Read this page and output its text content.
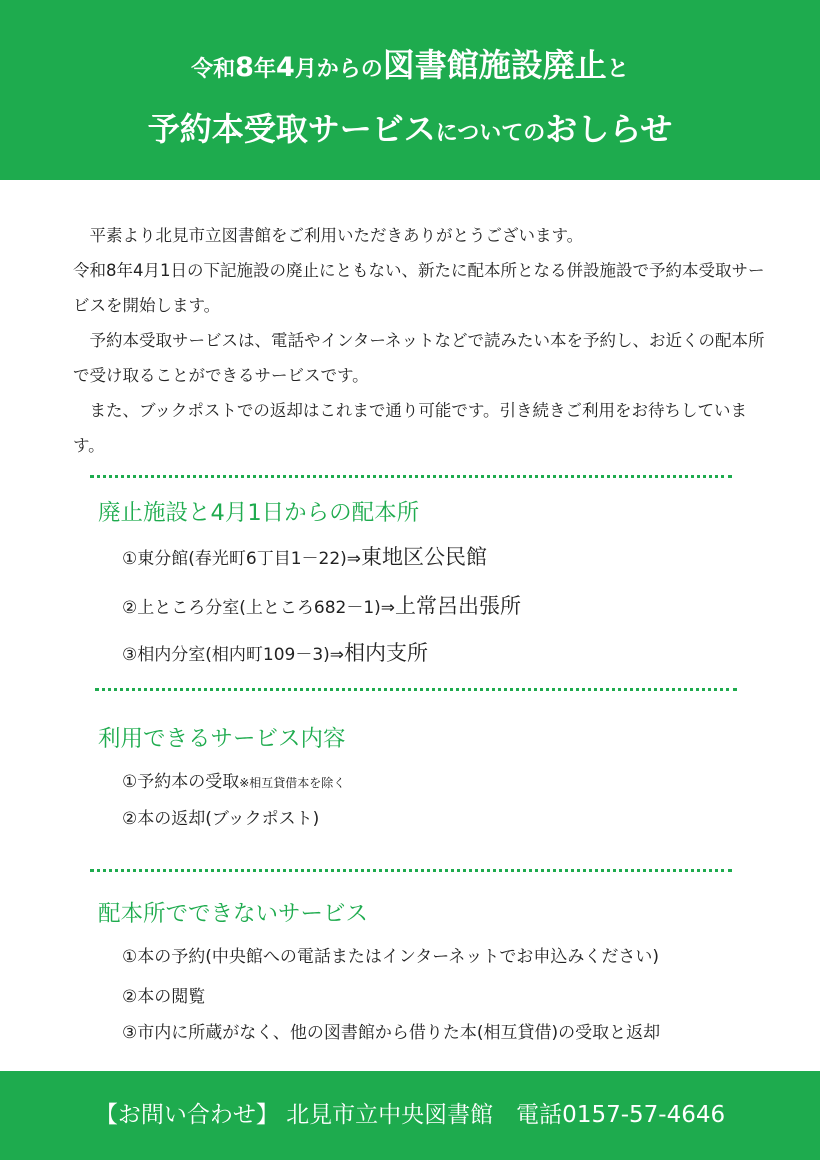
令和8年4月からの図書館施設廃止と
予約本受取サービスについてのおしらせ

平素より北見市立図書館をご利用いただきありがとうございます。

令和8年4月1日の下記施設の廃止にともない、新たに配本所となる併設施設で予約本受取サービスを開始します。

予約本受取サービスは、電話やインターネットなどで読みたい本を予約し、お近くの配本所で受け取ることができるサービスです。

また、ブックポストでの返却はこれまで通り可能です。引き続きご利用をお待ちしています。

廃止施設と4月1日からの配本所
①東分館(春光町6丁目1－22)⇒東地区公民館
②上ところ分室(上ところ682－1)⇒上常呂出張所
③相内分室(相内町109－3)⇒相内支所
利用できるサービス内容
①予約本の受取※相互貸借本を除く
②本の返却(ブックポスト)
配本所でできないサービス
①本の予約(中央館への電話またはインターネットでお申込みください)
②本の閲覧
③市内に所蔵がなく、他の図書館から借りた本(相互貸借)の受取と返却
【お問い合わせ】 北見市立中央図書館　電話0157-57-4646
